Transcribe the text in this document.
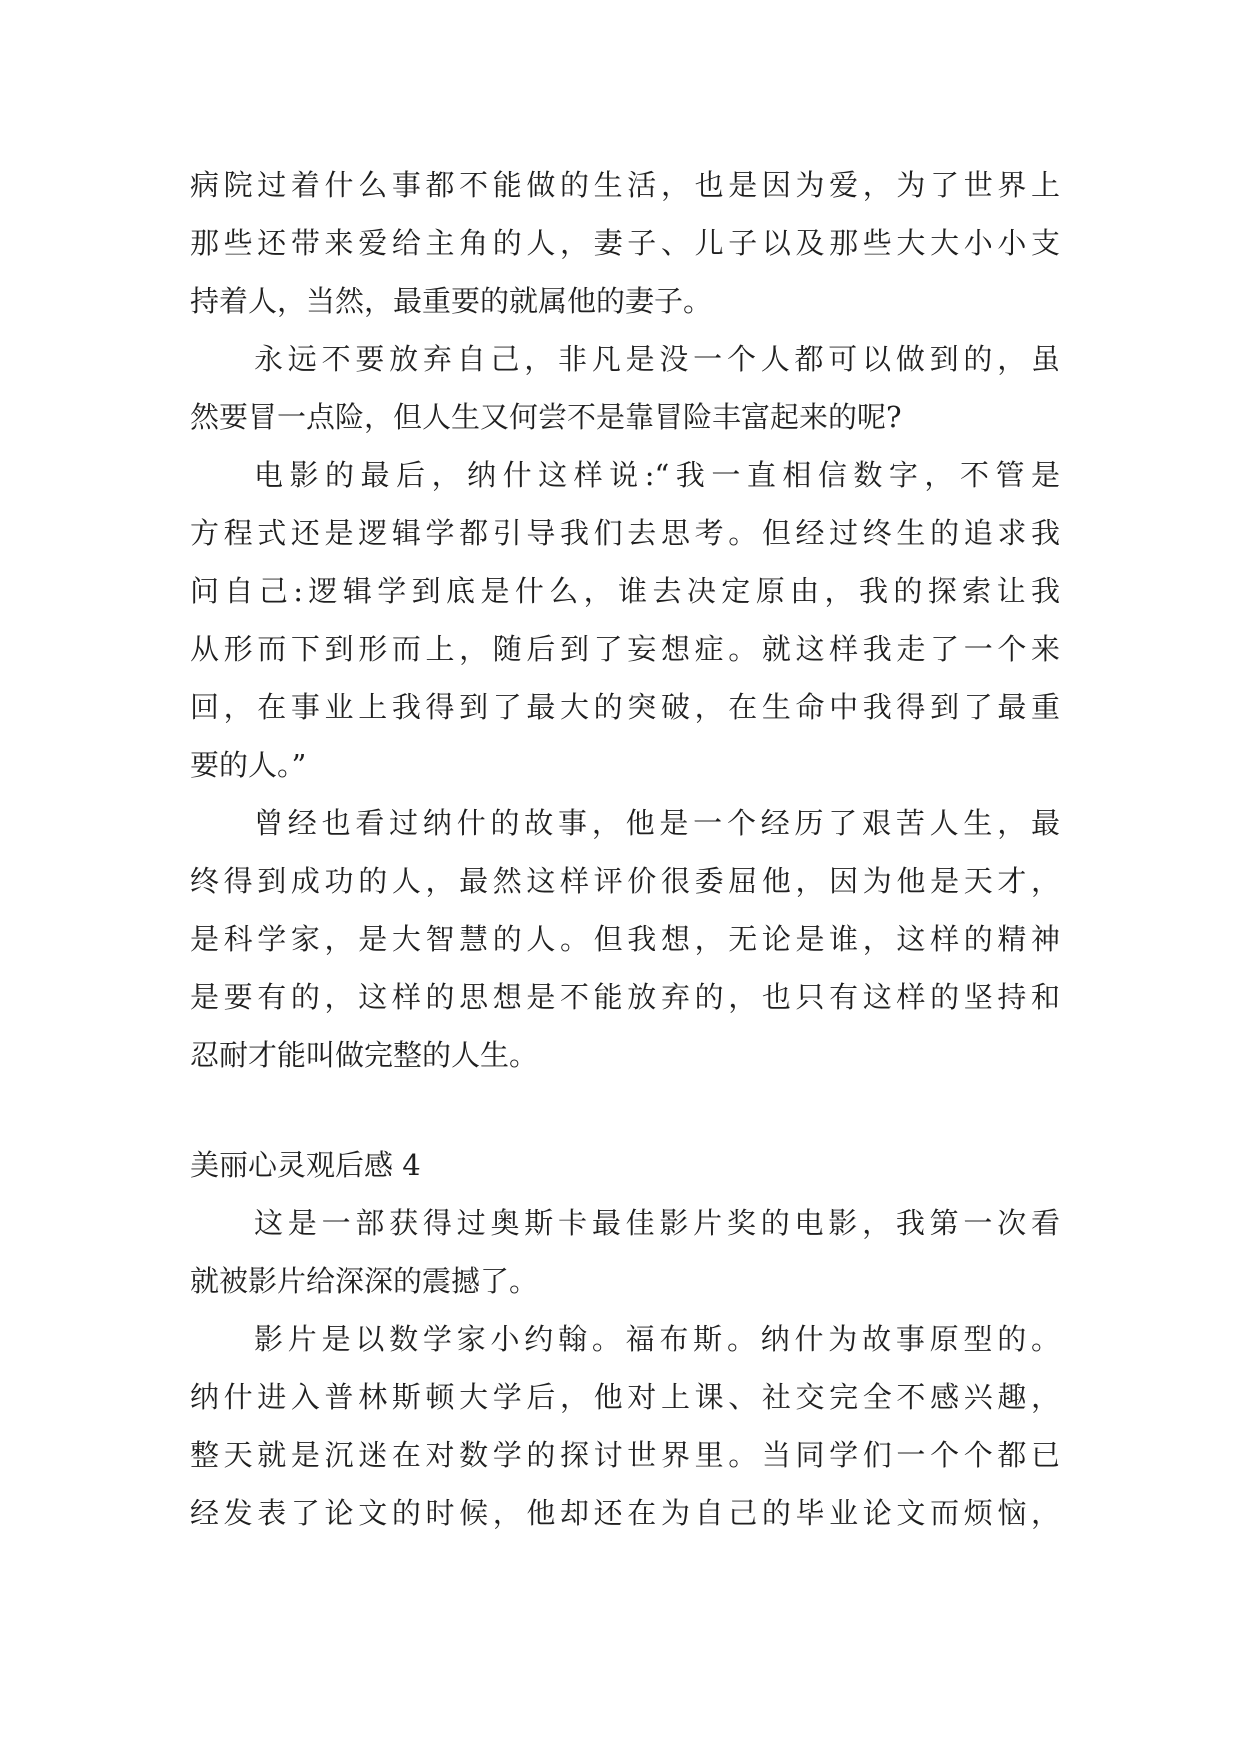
病院过着什么事都不能做的生活，也是因为爱，为了世界上
那些还带来爱给主角的人，妻子、儿子以及那些大大小小支
持着人，当然，最重要的就属他的妻子。
永远不要放弃自己，非凡是没一个人都可以做到的，虽
然要冒一点险，但人生又何尝不是靠冒险丰富起来的呢?
电影的最后，纳什这样说:“我一直相信数字，不管是
方程式还是逻辑学都引导我们去思考。但经过终生的追求我
问自己:逻辑学到底是什么，谁去决定原由，我的探索让我
从形而下到形而上，随后到了妄想症。就这样我走了一个来
回，在事业上我得到了最大的突破，在生命中我得到了最重
要的人。”
曾经也看过纳什的故事，他是一个经历了艰苦人生，最
终得到成功的人，最然这样评价很委屈他，因为他是天才，
是科学家，是大智慧的人。但我想，无论是谁，这样的精神
是要有的，这样的思想是不能放弃的，也只有这样的坚持和
忍耐才能叫做完整的人生。
美丽心灵观后感 4
这是一部获得过奥斯卡最佳影片奖的电影，我第一次看
就被影片给深深的震撼了。
影片是以数学家小约翰。福布斯。纳什为故事原型的。
纳什进入普林斯顿大学后，他对上课、社交完全不感兴趣，
整天就是沉迷在对数学的探讨世界里。当同学们一个个都已
经发表了论文的时候，他却还在为自己的毕业论文而烦恼，
